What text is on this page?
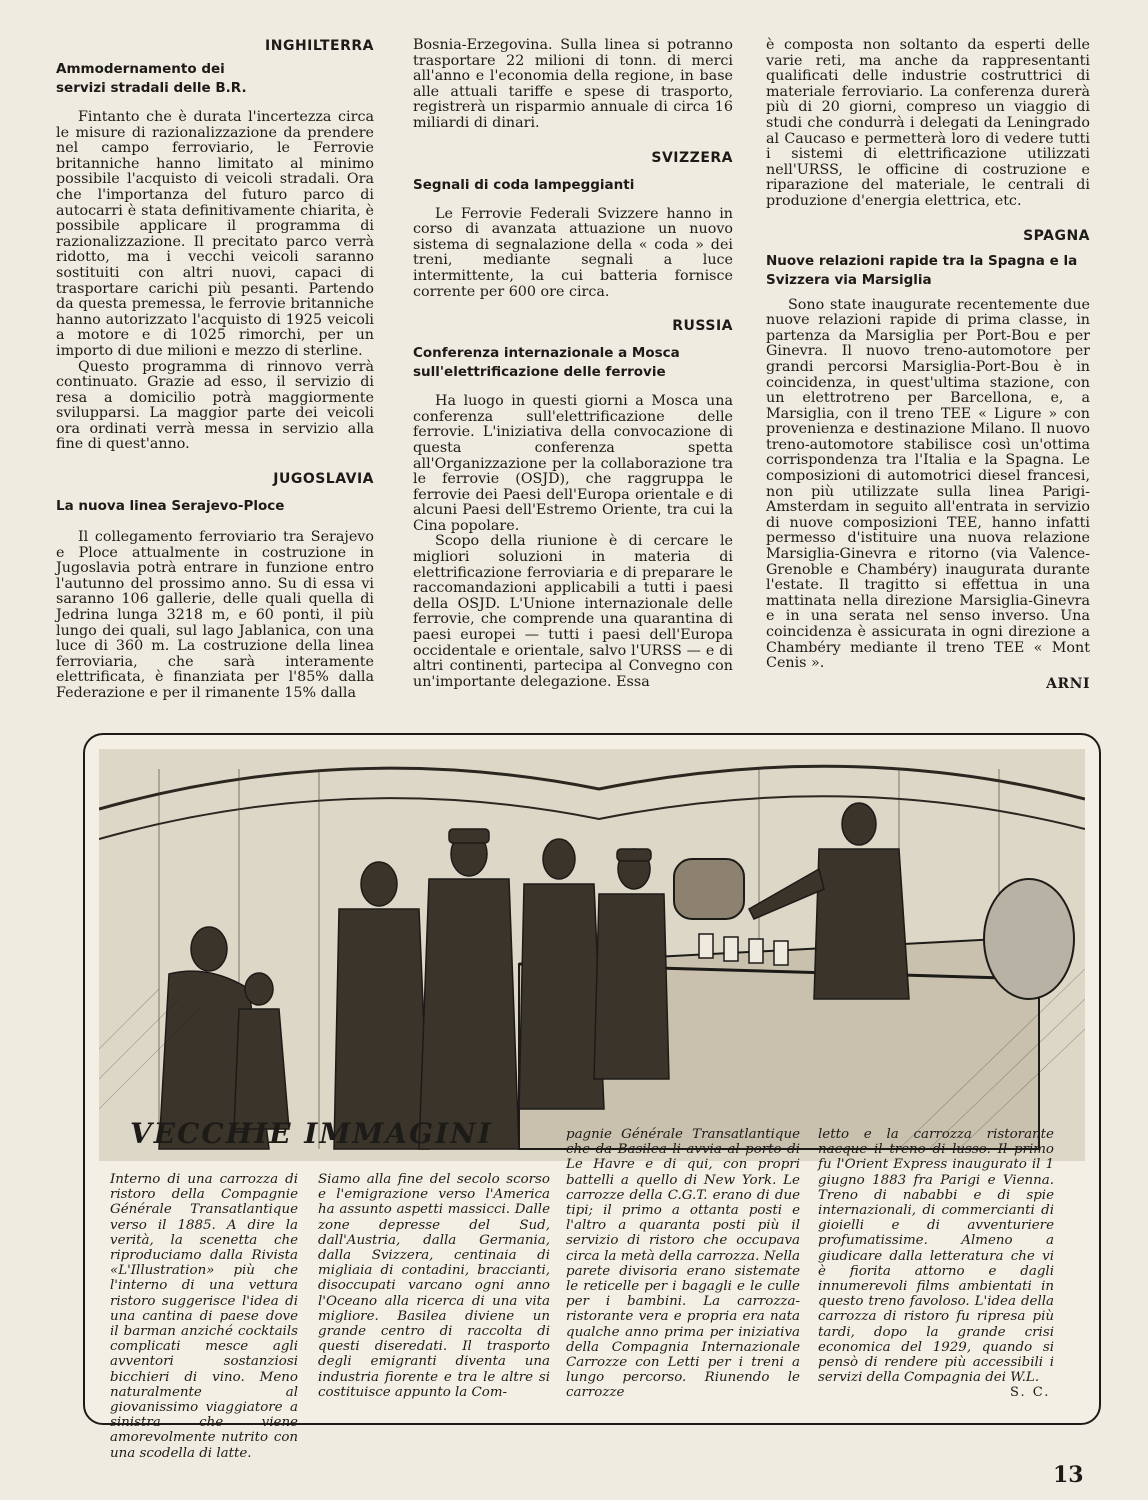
INGHILTERRA
Ammodernamento dei servizi stradali delle B.R.

Fintanto che è durata l'incertezza circa le misure di razionalizzazione da prendere nel campo ferroviario, le Ferrovie britanniche hanno limitato al minimo possibile l'acquisto di veicoli stradali. Ora che l'importanza del futuro parco di autocarri è stata definitivamente chiarita, è possibile applicare il programma di razionalizzazione. Il precitato parco verrà ridotto, ma i vecchi veicoli saranno sostituiti con altri nuovi, capaci di trasportare carichi più pesanti. Partendo da questa premessa, le ferrovie britanniche hanno autorizzato l'acquisto di 1925 veicoli a motore e di 1025 rimorchi, per un importo di due milioni e mezzo di sterline.

Questo programma di rinnovo verrà continuato. Grazie ad esso, il servizio di resa a domicilio potrà maggiormente svilupparsi. La maggior parte dei veicoli ora ordinati verrà messa in servizio alla fine di quest'anno.

JUGOSLAVIA
La nuova linea Serajevo-Ploce

Il collegamento ferroviario tra Serajevo e Ploce attualmente in costruzione in Jugoslavia potrà entrare in funzione entro l'autunno del prossimo anno. Su di essa vi saranno 106 gallerie, delle quali quella di Jedrina lunga 3218 m, e 60 ponti, il più lungo dei quali, sul lago Jablanica, con una luce di 360 m. La costruzione della linea ferroviaria, che sarà interamente elettrificata, è finanziata per l'85% dalla Federazione e per il rimanente 15% dalla

Bosnia-Erzegovina. Sulla linea si potranno trasportare 22 milioni di tonn. di merci all'anno e l'economia della regione, in base alle attuali tariffe e spese di trasporto, registrerà un risparmio annuale di circa 16 miliardi di dinari.

SVIZZERA
Segnali di coda lampeggianti

Le Ferrovie Federali Svizzere hanno in corso di avanzata attuazione un nuovo sistema di segnalazione della « coda » dei treni, mediante segnali a luce intermittente, la cui batteria fornisce corrente per 600 ore circa.

RUSSIA
Conferenza internazionale a Mosca sull'elettrificazione delle ferrovie

Ha luogo in questi giorni a Mosca una conferenza sull'elettrificazione delle ferrovie. L'iniziativa della convocazione di questa conferenza spetta all'Organizzazione per la collaborazione tra le ferrovie (OSJD), che raggruppa le ferrovie dei Paesi dell'Europa orientale e di alcuni Paesi dell'Estremo Oriente, tra cui la Cina popolare.

Scopo della riunione è di cercare le migliori soluzioni in materia di elettrificazione ferroviaria e di preparare le raccomandazioni applicabili a tutti i paesi della OSJD. L'Unione internazionale delle ferrovie, che comprende una quarantina di paesi europei — tutti i paesi dell'Europa occidentale e orientale, salvo l'URSS — e di altri continenti, partecipa al Convegno con un'importante delegazione. Essa

è composta non soltanto da esperti delle varie reti, ma anche da rappresentanti qualificati delle industrie costruttrici di materiale ferroviario. La conferenza durerà più di 20 giorni, compreso un viaggio di studi che condurrà i delegati da Leningrado al Caucaso e permetterà loro di vedere tutti i sistemi di elettrificazione utilizzati nell'URSS, le officine di costruzione e riparazione del materiale, le centrali di produzione d'energia elettrica, etc.

SPAGNA
Nuove relazioni rapide tra la Spagna e la Svizzera via Marsiglia

Sono state inaugurate recentemente due nuove relazioni rapide di prima classe, in partenza da Marsiglia per Port-Bou e per Ginevra. Il nuovo treno-automotore per grandi percorsi Marsiglia-Port-Bou è in coincidenza, in quest'ultima stazione, con un elettrotreno per Barcellona, e, a Marsiglia, con il treno TEE « Ligure » con provenienza e destinazione Milano. Il nuovo treno-automotore stabilisce così un'ottima corrispondenza tra l'Italia e la Spagna. Le composizioni di automotrici diesel francesi, non più utilizzate sulla linea Parigi-Amsterdam in seguito all'entrata in servizio di nuove composizioni TEE, hanno infatti permesso d'istituire una nuova relazione Marsiglia-Ginevra e ritorno (via Valence-Grenoble e Chambéry) inaugurata durante l'estate. Il tragitto si effettua in una mattinata nella direzione Marsiglia-Ginevra e in una serata nel senso inverso. Una coincidenza è assicurata in ogni direzione a Chambéry mediante il treno TEE « Mont Cenis ».

ARNI
VECCHIE IMMAGINI

Interno di una carrozza di ristoro della Compagnie Générale Transatlantique verso il 1885. A dire la verità, la scenetta che riproduciamo dalla Rivista «L'Illustration» più che l'interno di una vettura ristoro suggerisce l'idea di una cantina di paese dove il barman anziché cocktails complicati mesce agli avventori sostanziosi bicchieri di vino. Meno naturalmente al giovanissimo viaggiatore a sinistra che viene amorevolmente nutrito con una scodella di latte.

Siamo alla fine del secolo scorso e l'emigrazione verso l'America ha assunto aspetti massicci. Dalle zone depresse del Sud, dall'Austria, dalla Germania, dalla Svizzera, centinaia di migliaia di contadini, braccianti, disoccupati varcano ogni anno l'Oceano alla ricerca di una vita migliore. Basilea diviene un grande centro di raccolta di questi diseredati. Il trasporto degli emigranti diventa una industria fiorente e tra le altre si costituisce appunto la Com-

pagnie Générale Transatlantique che da Basilea li avvia al porto di Le Havre e di qui, con propri battelli a quello di New York. Le carrozze della C.G.T. erano di due tipi; il primo a ottanta posti e l'altro a quaranta posti più il servizio di ristoro che occupava circa la metà della carrozza. Nella parete divisoria erano sistemate le reticelle per i bagagli e le culle per i bambini. La carrozza-ristorante vera e propria era nata qualche anno prima per iniziativa della Compagnia Internazionale Carrozze con Letti per i treni a lungo percorso. Riunendo le carrozze

letto e la carrozza ristorante nacque il treno di lusso. Il primo fu l'Orient Express inaugurato il 1 giugno 1883 fra Parigi e Vienna. Treno di nababbi e di spie internazionali, di commercianti di gioielli e di avventuriere profumatissime. Almeno a giudicare dalla letteratura che vi è fiorita attorno e dagli innumerevoli films ambientati in questo treno favoloso. L'idea della carrozza di ristoro fu ripresa più tardi, dopo la grande crisi economica del 1929, quando si pensò di rendere più accessibili i servizi della Compagnia dei W.L.

S. C.
13
